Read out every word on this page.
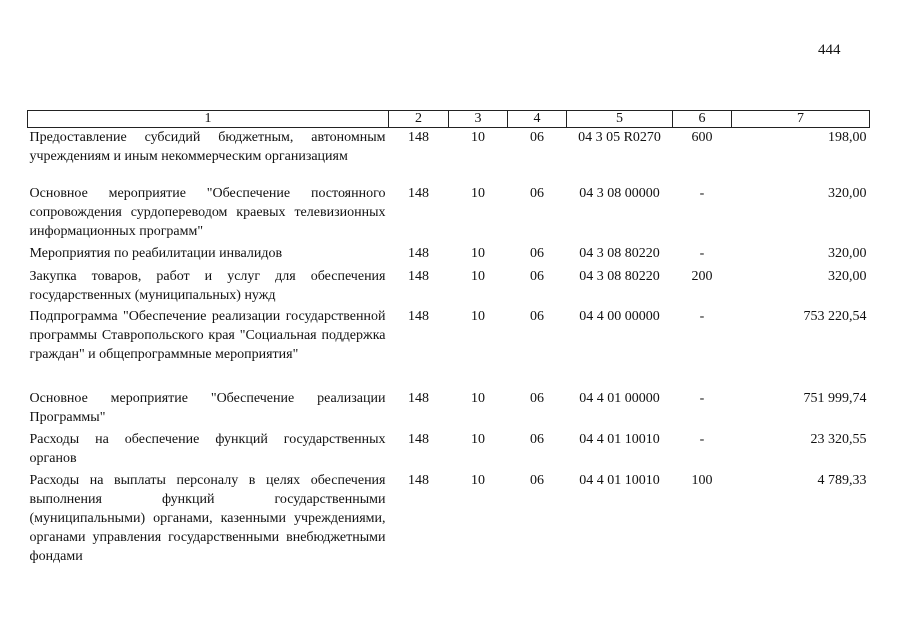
444
1	2	3	4	5	6	7
Предоставление субсидий бюджетным, автономным учреждениям и иным некоммерческим организациям	148	10	06	04 3 05 R0270	600	198,00
Основное мероприятие "Обеспечение постоянного сопровождения сурдопереводом краевых телевизионных информационных программ"	148	10	06	04 3 08 00000	-	320,00
Мероприятия по реабилитации инвалидов	148	10	06	04 3 08 80220	-	320,00
Закупка товаров, работ и услуг для обеспечения государственных (муниципальных) нужд	148	10	06	04 3 08 80220	200	320,00
Подпрограмма "Обеспечение реализации государственной программы Ставропольского края "Социальная поддержка граждан" и общепрограммные мероприятия"	148	10	06	04 4 00 00000	-	753 220,54
Основное мероприятие "Обеспечение реализации Программы"	148	10	06	04 4 01 00000	-	751 999,74
Расходы на обеспечение функций государственных органов	148	10	06	04 4 01 10010	-	23 320,55
Расходы на выплаты персоналу в целях обеспечения выполнения функций государственными (муниципальными) органами, казенными учреждениями, органами управления государственными внебюджетными фондами	148	10	06	04 4 01 10010	100	4 789,33
